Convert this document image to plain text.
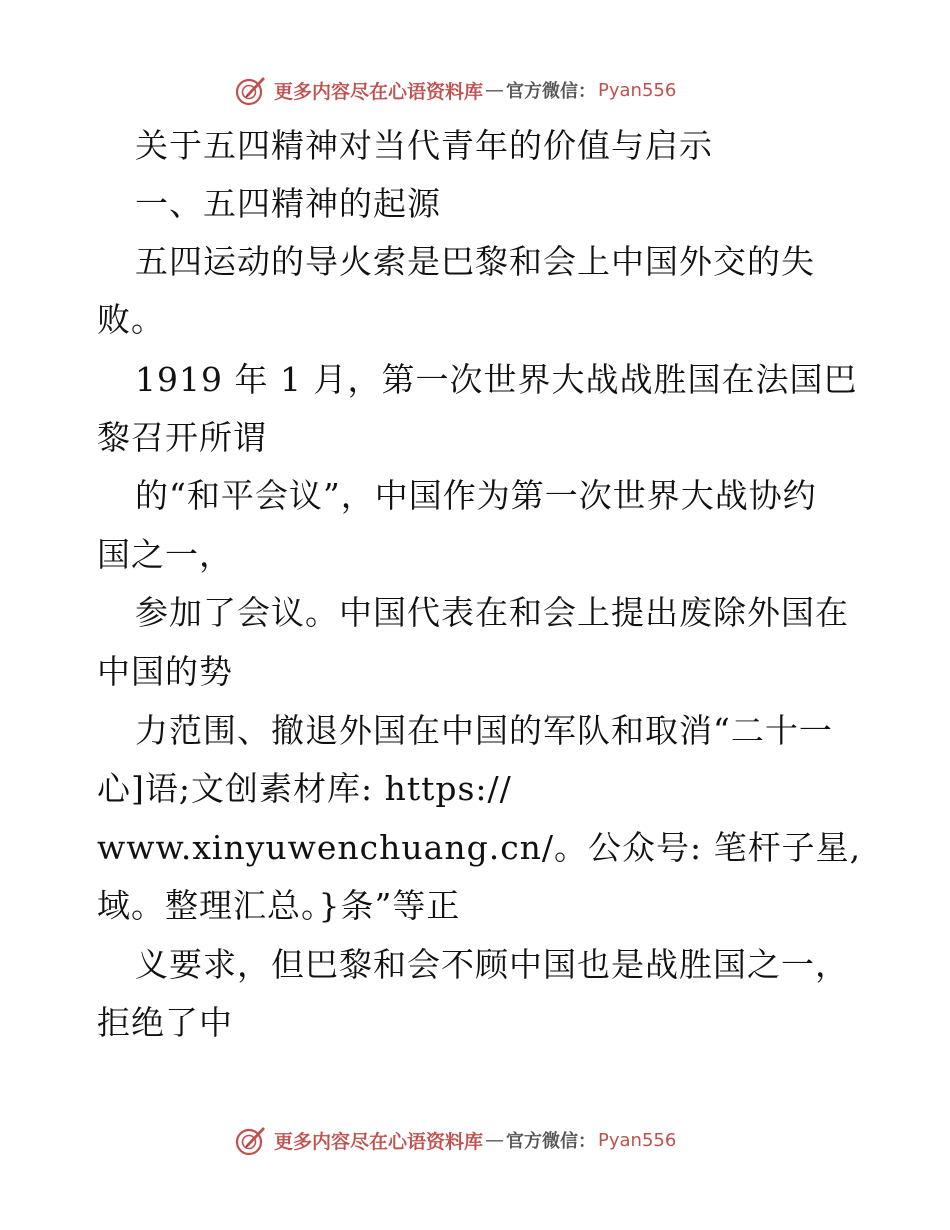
更多内容尽在心语资料库 — 官方微信： Pyan556
关于五四精神对当代青年的价值与启示
一、五四精神的起源
五四运动的导火索是巴黎和会上中国外交的失
败。
1919 年 1 月，第一次世界大战战胜国在法国巴
黎召开所谓
的“和平会议”，中国作为第一次世界大战协约
国之一，
参加了会议。中国代表在和会上提出废除外国在
中国的势
力范围、撤退外国在中国的军队和取消“二十一
心]语;文创素材库: https://
www.xinyuwenchuang.cn/。公众号: 笔杆子星,
域。整理汇总。}条”等正
义要求，但巴黎和会不顾中国也是战胜国之一，
拒绝了中
更多内容尽在心语资料库 — 官方微信： Pyan556
